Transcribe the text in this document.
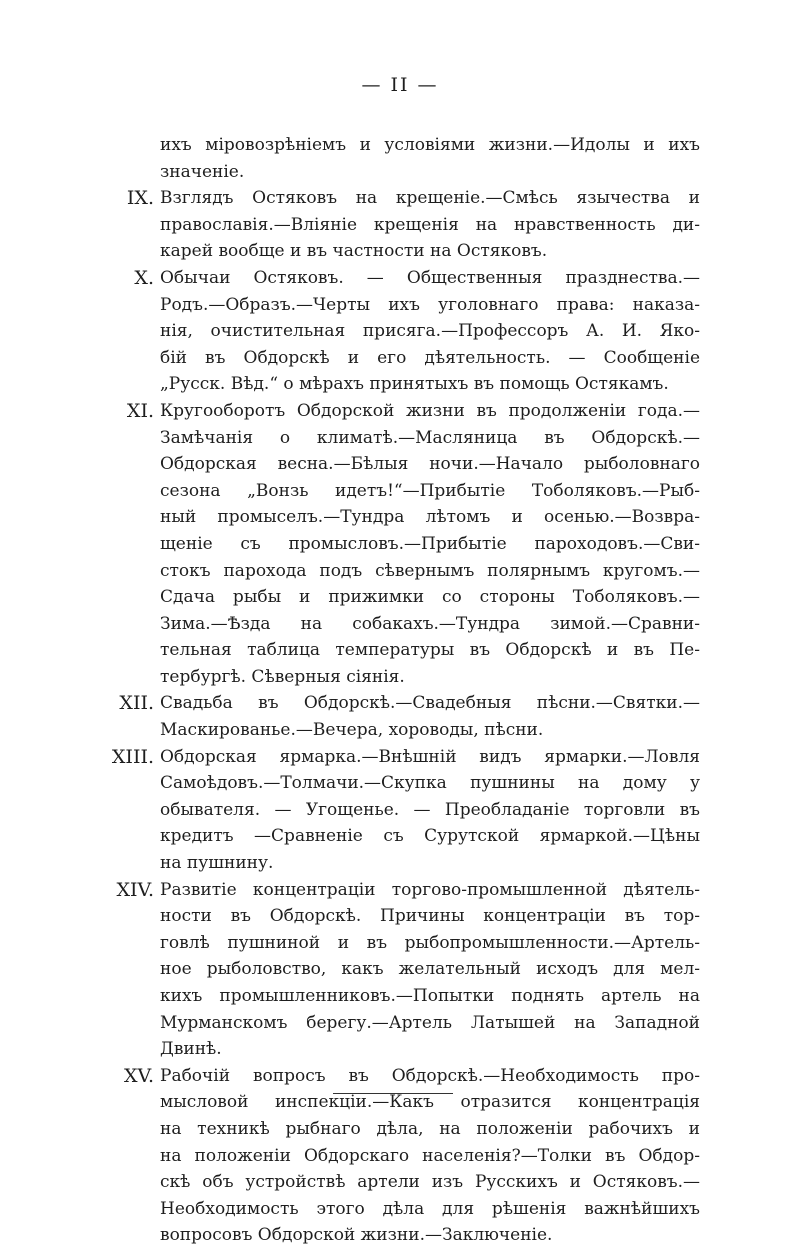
— II —
ихъ міровозрѣніемъ и условіями жизни.—Идолы и ихъ
значеніе.
IX. Взглядъ Остяковъ на крещеніе.—Смѣсь язычества и
православія.—Вліяніе крещенія на нравственность ди-
карей вообще и въ частности на Остяковъ.
X. Обычаи Остяковъ. — Общественныя празднества.—
Родъ.—Образъ.—Черты ихъ уголовнаго права: наказа-
нія, очистительная присяга.—Профессоръ А. И. Яко-
бій въ Обдорскѣ и его дѣятельность. — Сообщеніе
„Русск. Вѣд.“ о мѣрахъ принятыхъ въ помощь Остякамъ.
XI. Кругооборотъ Обдорской жизни въ продолженіи года.—
Замѣчанія о климатѣ.—Масляница въ Обдорскѣ.—
Обдорская весна.—Бѣлыя ночи.—Начало рыболовнаго
сезона „Вонзь идетъ!“—Прибытіе Тоболяковъ.—Рыб-
ный промыселъ.—Тундра лѣтомъ и осенью.—Возвра-
щеніе съ промысловъ.—Прибытіе пароходовъ.—Сви-
стокъ парохода подъ сѣвернымъ полярнымъ кругомъ.—
Сдача рыбы и прижимки со стороны Тоболяковъ.—
Зима.—Ѣзда на собакахъ.—Тундра зимой.—Сравни-
тельная таблица температуры въ Обдорскѣ и въ Пе-
тербургѣ. Сѣверныя сіянія.
XII. Свадьба въ Обдорскѣ.—Свадебныя пѣсни.—Святки.—
Маскированье.—Вечера, хороводы, пѣсни.
XIII. Обдорская ярмарка.—Внѣшній видъ ярмарки.—Ловля
Самоѣдовъ.—Толмачи.—Скупка пушнины на дому у
обывателя. — Угощенье. — Преобладаніе торговли въ
кредитъ —Сравненіе съ Сурутской ярмаркой.—Цѣны
на пушнину.
XIV. Развитіе концентраціи торгово-промышленной дѣятель-
ности въ Обдорскѣ. Причины концентраціи въ тор-
говлѣ пушниной и въ рыбопромышленности.—Артель-
ное рыболовство, какъ желательный исходъ для мел-
кихъ промышленниковъ.—Попытки поднять артель на
Мурманскомъ берегу.—Артель Латышей на Западной
Двинѣ.
XV. Рабочій вопросъ въ Обдорскѣ.—Необходимость про-
мысловой инспекціи.—Какъ отразится концентрація
на техникѣ рыбнаго дѣла, на положеніи рабочихъ и
на положеніи Обдорскаго населенія?—Толки въ Обдор-
скѣ объ устройствѣ артели изъ Русскихъ и Остяковъ.—
Необходимость этого дѣла для рѣшенія важнѣйшихъ
вопросовъ Обдорской жизни.—Заключеніе.
